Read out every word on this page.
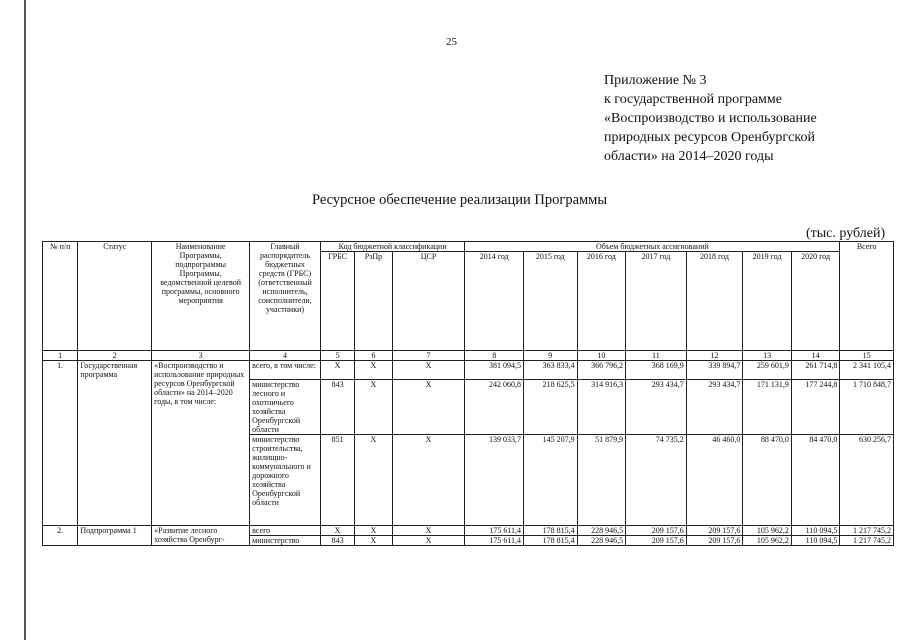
25
Приложение № 3
к государственной программе
«Воспроизводство и использование
природных ресурсов Оренбургской
области» на 2014–2020 годы
Ресурсное обеспечение реализации Программы
(тыс. рублей)
№ п/п	Статус	Наименование Программы, подпрограммы Программы, ведомственной целевой программы, основного мероприятия	Главный распорядитель бюджетных средств (ГРБС) (ответственный исполнитель, соисполнители, участники)	Код бюджетной классификации			Объем бюджетных ассигнований							Всего
				ГРБС	РзПр	ЦСР	2014 год	2015 год	2016 год	2017 год	2018 год	2019 год	2020 год	
1	2	3	4	5	6	7	8	9	10	11	12	13	14	15
1.	Государственная программа	«Воспроизводство и использование природных ресурсов Оренбургской области» на 2014–2020 годы, в том числе:	всего, в том числе:	X	X	X	381 094,5	363 833,4	366 796,2	368 169,9	339 894,7	259 601,9	261 714,8	2 341 105,4
			министерство лесного и охотничьего хозяйства Оренбургской области	843	X	X	242 060,8	218 625,5	314 916,3	293 434,7	293 434,7	171 131,9	177 244,8	1 710 848,7
			министерство строительства, жилищно-коммунального и дорожного хозяйства Оренбургской области	851	X	X	139 033,7	145 207,9	51 879,9	74 735,2	46 460,0	88 470,0	84 470,0	630 256,7
2.	Подпрограмма 1	«Развитие лесного хозяйства Оренбург-	всего	X	X	X	175 611,4	178 815,4	228 946,5	209 157,6	209 157,6	105 962,2	110 094,5	1 217 745,2
			министерство	843	X	X	175 611,4	178 815,4	228 946,5	209 157,6	209 157,6	105 962,2	110 094,5	1 217 745,2
